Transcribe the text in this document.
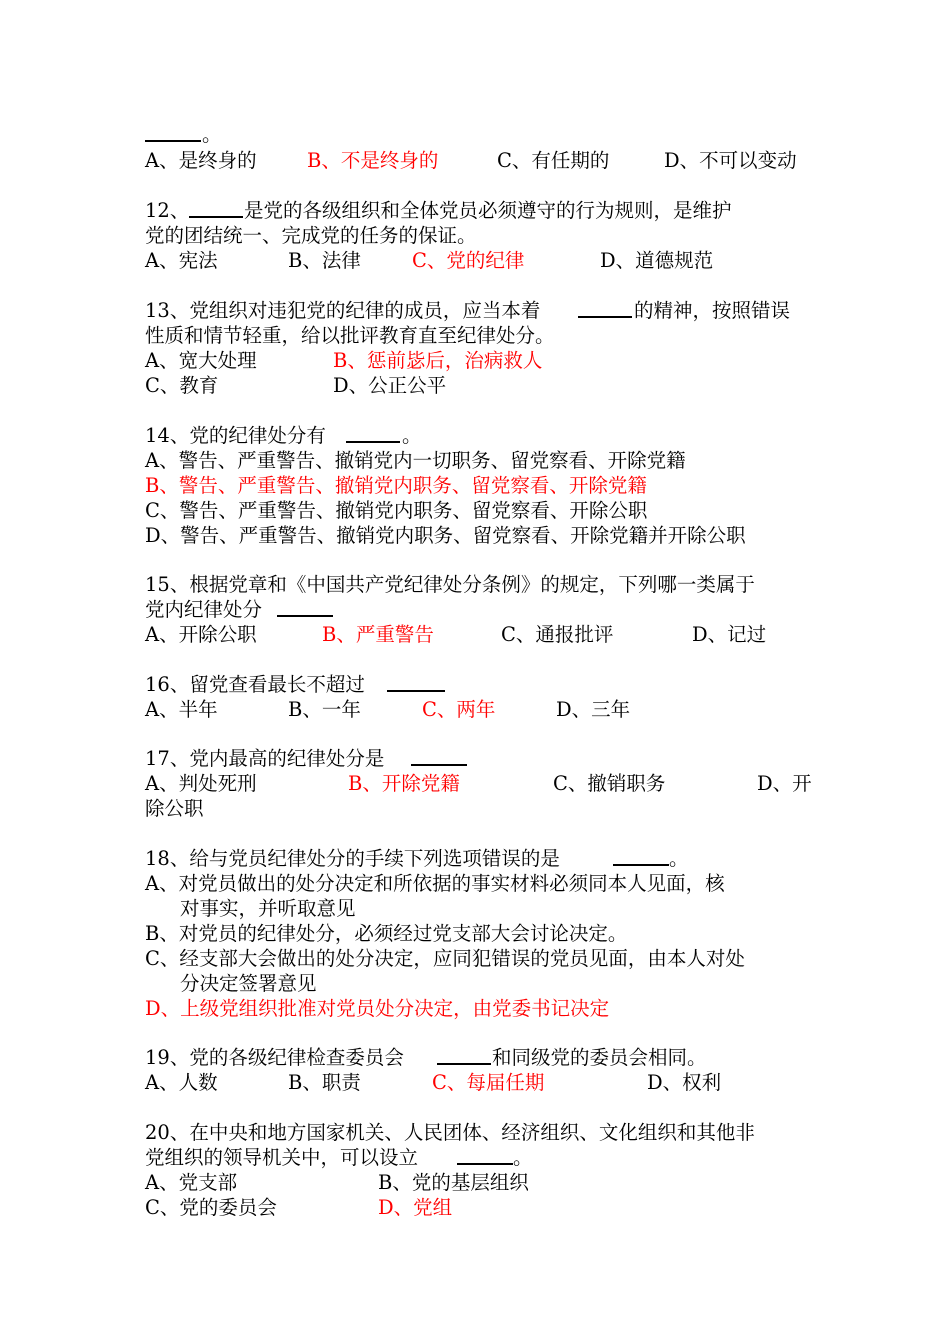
。
A、是终身的	B、不是终身的	C、有任期的	D、不可以变动
12、	是党的各级组织和全体党员必须遵守的行为规则，是维护
党的团结统一、完成党的任务的保证。
A、宪法	B、法律	C、党的纪律	D、道德规范
13、党组织对违犯党的纪律的成员，应当本着	的精神，按照错误
性质和情节轻重，给以批评教育直至纪律处分。
A、宽大处理	B、惩前毖后，治病救人
C、教育	D、公正公平
14、党的纪律处分有	。
A、警告、严重警告、撤销党内一切职务、留党察看、开除党籍
B、警告、严重警告、撤销党内职务、留党察看、开除党籍
C、警告、严重警告、撤销党内职务、留党察看、开除公职
D、警告、严重警告、撤销党内职务、留党察看、开除党籍并开除公职
15、根据党章和《中国共产党纪律处分条例》的规定，下列哪一类属于
党内纪律处分
A、开除公职	B、严重警告	C、通报批评	D、记过
16、留党查看最长不超过
A、半年	B、一年	C、两年	D、三年
17、党内最高的纪律处分是
A、判处死刑	B、开除党籍	C、撤销职务	D、开
除公职
18、给与党员纪律处分的手续下列选项错误的是	。
A、对党员做出的处分决定和所依据的事实材料必须同本人见面，核
对事实，并听取意见
B、对党员的纪律处分，必须经过党支部大会讨论决定。
C、经支部大会做出的处分决定，应同犯错误的党员见面，由本人对处
分决定签署意见
D、上级党组织批准对党员处分决定，由党委书记决定
19、党的各级纪律检查委员会	和同级党的委员会相同。
A、人数	B、职责	C、每届任期	D、权利
20、在中央和地方国家机关、人民团体、经济组织、文化组织和其他非
党组织的领导机关中，可以设立	。
A、党支部	B、党的基层组织
C、党的委员会	D、党组
